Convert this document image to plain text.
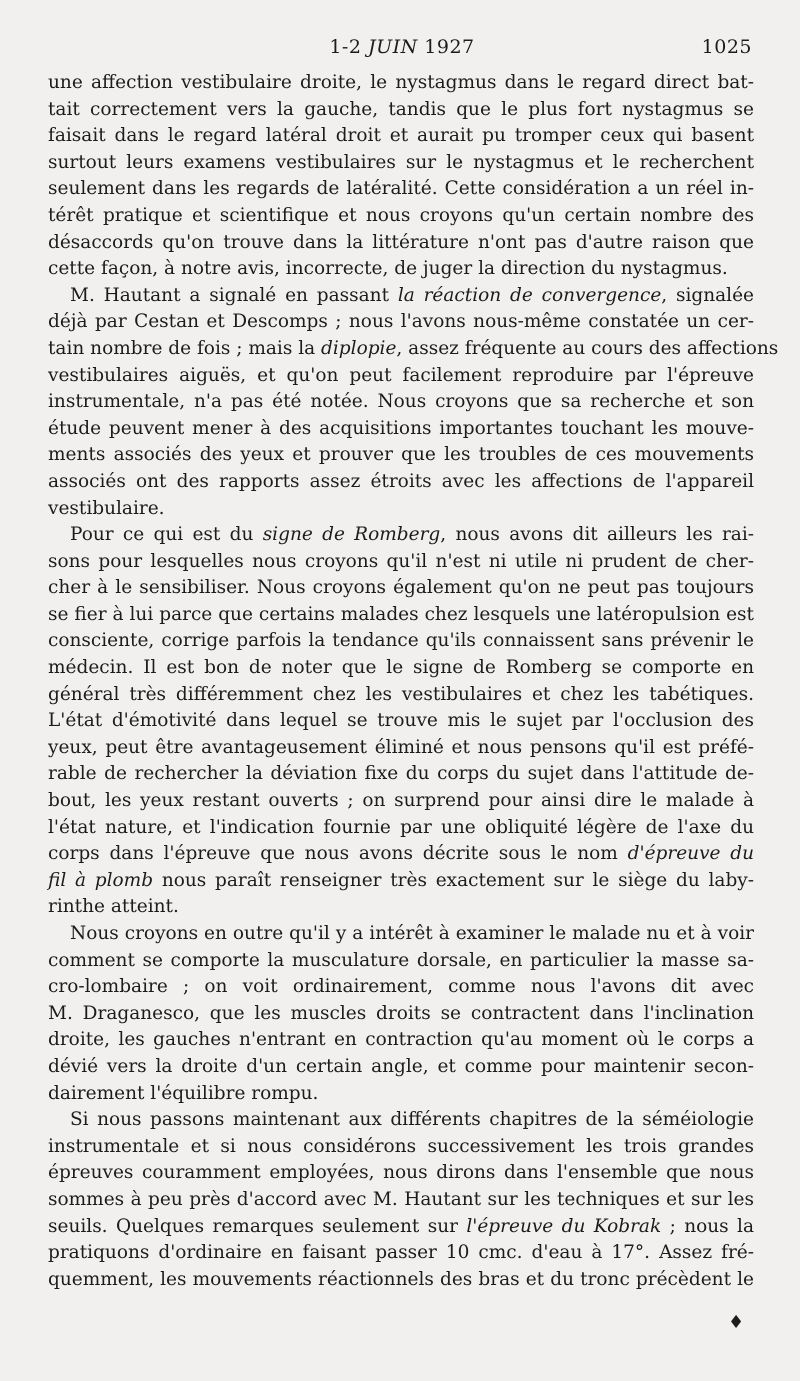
1-2 JUIN 1927	1025
une affection vestibulaire droite, le nystagmus dans le regard direct bat-
tait correctement vers la gauche, tandis que le plus fort nystagmus se
faisait dans le regard latéral droit et aurait pu tromper ceux qui basent
surtout leurs examens vestibulaires sur le nystagmus et le recherchent
seulement dans les regards de latéralité. Cette considération a un réel in-
térêt pratique et scientifique et nous croyons qu'un certain nombre des
désaccords qu'on trouve dans la littérature n'ont pas d'autre raison que
cette façon, à notre avis, incorrecte, de juger la direction du nystagmus.
M. Hautant a signalé en passant la réaction de convergence, signalée
déjà par Cestan et Descomps ; nous l'avons nous-même constatée un cer-
tain nombre de fois ; mais la diplopie, assez fréquente au cours des affections
vestibulaires aiguës, et qu'on peut facilement reproduire par l'épreuve
instrumentale, n'a pas été notée. Nous croyons que sa recherche et son
étude peuvent mener à des acquisitions importantes touchant les mouve-
ments associés des yeux et prouver que les troubles de ces mouvements
associés ont des rapports assez étroits avec les affections de l'appareil
vestibulaire.
Pour ce qui est du signe de Romberg, nous avons dit ailleurs les rai-
sons pour lesquelles nous croyons qu'il n'est ni utile ni prudent de cher-
cher à le sensibiliser. Nous croyons également qu'on ne peut pas toujours
se fier à lui parce que certains malades chez lesquels une latéropulsion est
consciente, corrige parfois la tendance qu'ils connaissent sans prévenir le
médecin. Il est bon de noter que le signe de Romberg se comporte en
général très différemment chez les vestibulaires et chez les tabétiques.
L'état d'émotivité dans lequel se trouve mis le sujet par l'occlusion des
yeux, peut être avantageusement éliminé et nous pensons qu'il est préfé-
rable de rechercher la déviation fixe du corps du sujet dans l'attitude de-
bout, les yeux restant ouverts ; on surprend pour ainsi dire le malade à
l'état nature, et l'indication fournie par une obliquité légère de l'axe du
corps dans l'épreuve que nous avons décrite sous le nom d'épreuve du
fil à plomb nous paraît renseigner très exactement sur le siège du laby-
rinthe atteint.
Nous croyons en outre qu'il y a intérêt à examiner le malade nu et à voir
comment se comporte la musculature dorsale, en particulier la masse sa-
cro-lombaire ; on voit ordinairement, comme nous l'avons dit avec
M. Draganesco, que les muscles droits se contractent dans l'inclination
droite, les gauches n'entrant en contraction qu'au moment où le corps a
dévié vers la droite d'un certain angle, et comme pour maintenir secon-
dairement l'équilibre rompu.
Si nous passons maintenant aux différents chapitres de la séméiologie
instrumentale et si nous considérons successivement les trois grandes
épreuves couramment employées, nous dirons dans l'ensemble que nous
sommes à peu près d'accord avec M. Hautant sur les techniques et sur les
seuils. Quelques remarques seulement sur l'épreuve du Kobrak ; nous la
pratiquons d'ordinaire en faisant passer 10 cmc. d'eau à 17°. Assez fré-
quemment, les mouvements réactionnels des bras et du tronc précèdent le
♦
